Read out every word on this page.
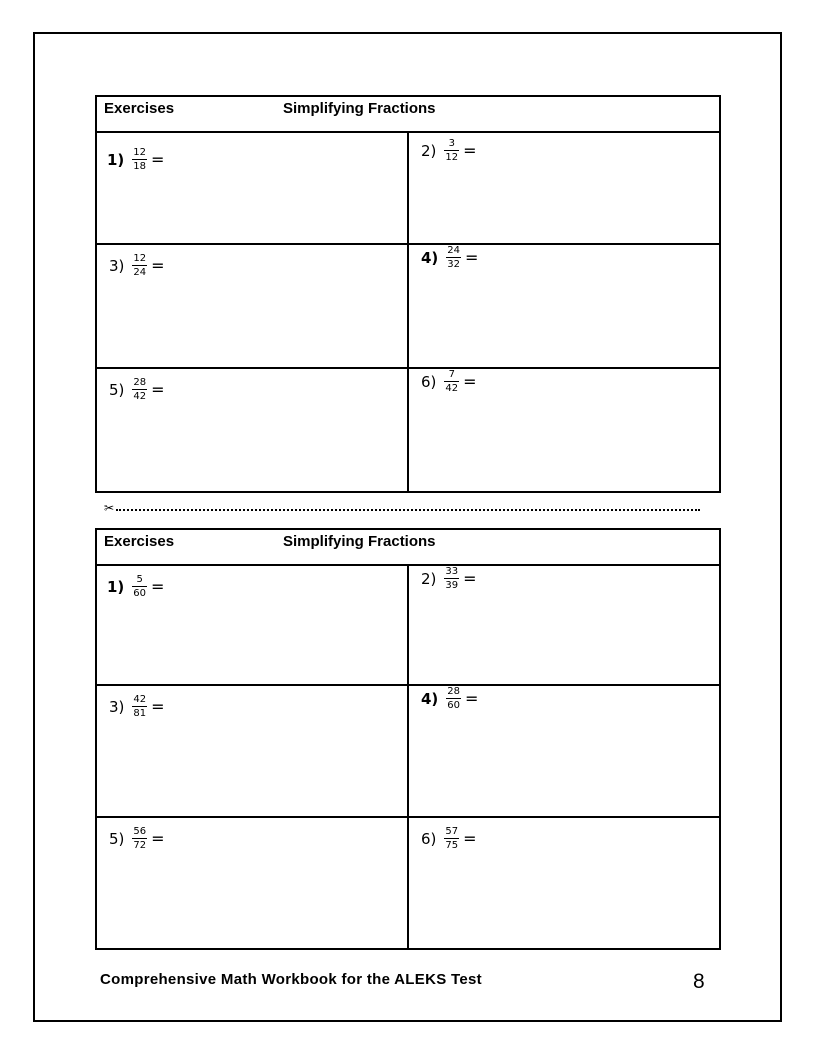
Exercises	Simplifying Fractions
$1) \frac{12}{18}$ =	$2) \frac{3}{12}$ =
$3) \frac{12}{24}$ =	$4) \frac{24}{32}$ =
$5) \frac{28}{42}$ =	$6) \frac{7}{42}$ =
✂
Exercises	Simplifying Fractions
$1) \frac{5}{60}$ =	$2) \frac{33}{39}$ =
$3) \frac{42}{81}$ =	$4) \frac{28}{60}$ =
$5) \frac{56}{72}$ =	$6) \frac{57}{75}$ =
Comprehensive Math Workbook for the ALEKS Test	8
